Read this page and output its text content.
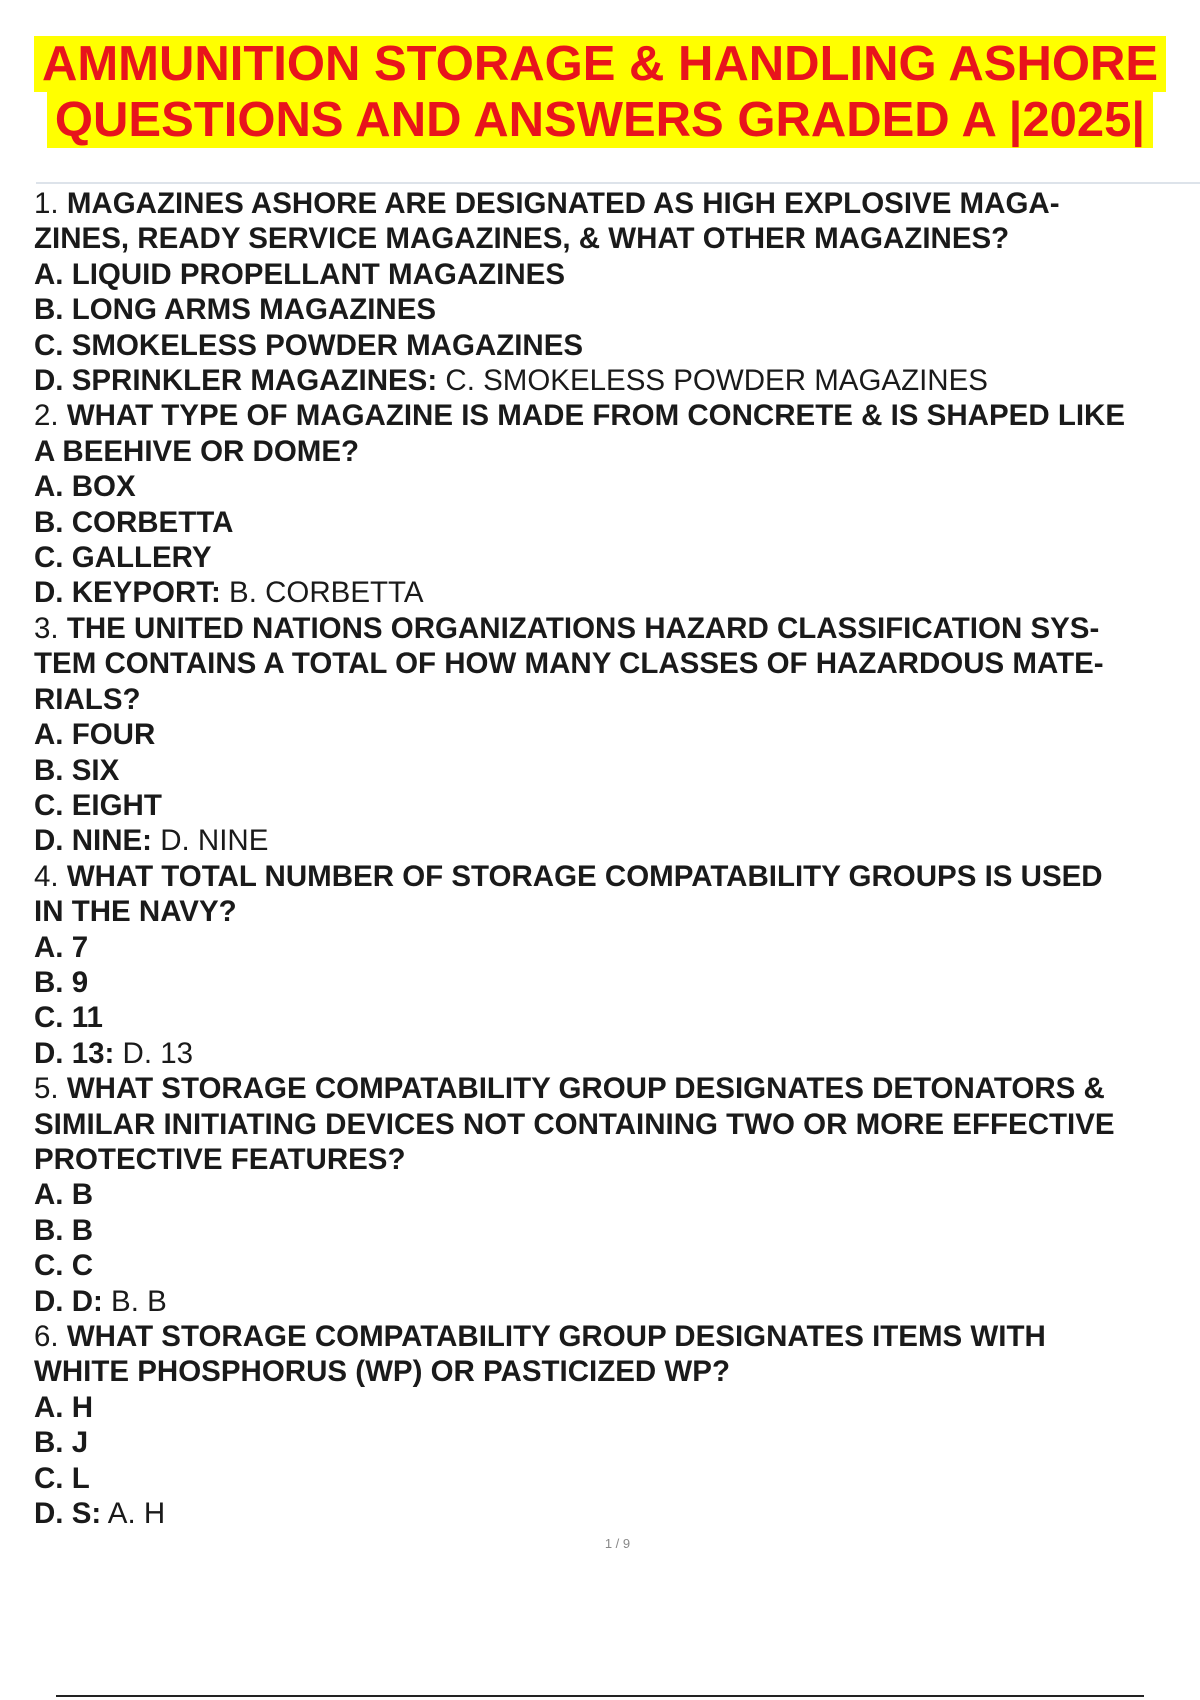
AMMUNITION STORAGE & HANDLING ASHORE
QUESTIONS AND ANSWERS GRADED A |2025|
1. MAGAZINES ASHORE ARE DESIGNATED AS HIGH EXPLOSIVE MAGA-
ZINES, READY SERVICE MAGAZINES, & WHAT OTHER MAGAZINES?
A. LIQUID PROPELLANT MAGAZINES
B. LONG ARMS MAGAZINES
C. SMOKELESS POWDER MAGAZINES
D. SPRINKLER MAGAZINES: C. SMOKELESS POWDER MAGAZINES
2. WHAT TYPE OF MAGAZINE IS MADE FROM CONCRETE & IS SHAPED LIKE
A BEEHIVE OR DOME?
A. BOX
B. CORBETTA
C. GALLERY
D. KEYPORT: B. CORBETTA
3. THE UNITED NATIONS ORGANIZATIONS HAZARD CLASSIFICATION SYS-
TEM CONTAINS A TOTAL OF HOW MANY CLASSES OF HAZARDOUS MATE-
RIALS?
A. FOUR
B. SIX
C. EIGHT
D. NINE: D. NINE
4. WHAT TOTAL NUMBER OF STORAGE COMPATABILITY GROUPS IS USED
IN THE NAVY?
A. 7
B. 9
C. 11
D. 13: D. 13
5. WHAT STORAGE COMPATABILITY GROUP DESIGNATES DETONATORS &
SIMILAR INITIATING DEVICES NOT CONTAINING TWO OR MORE EFFECTIVE
PROTECTIVE FEATURES?
A. B
B. B
C. C
D. D: B. B
6. WHAT STORAGE COMPATABILITY GROUP DESIGNATES ITEMS WITH
WHITE PHOSPHORUS (WP) OR PASTICIZED WP?
A. H
B. J
C. L
D. S: A. H
1 / 9
